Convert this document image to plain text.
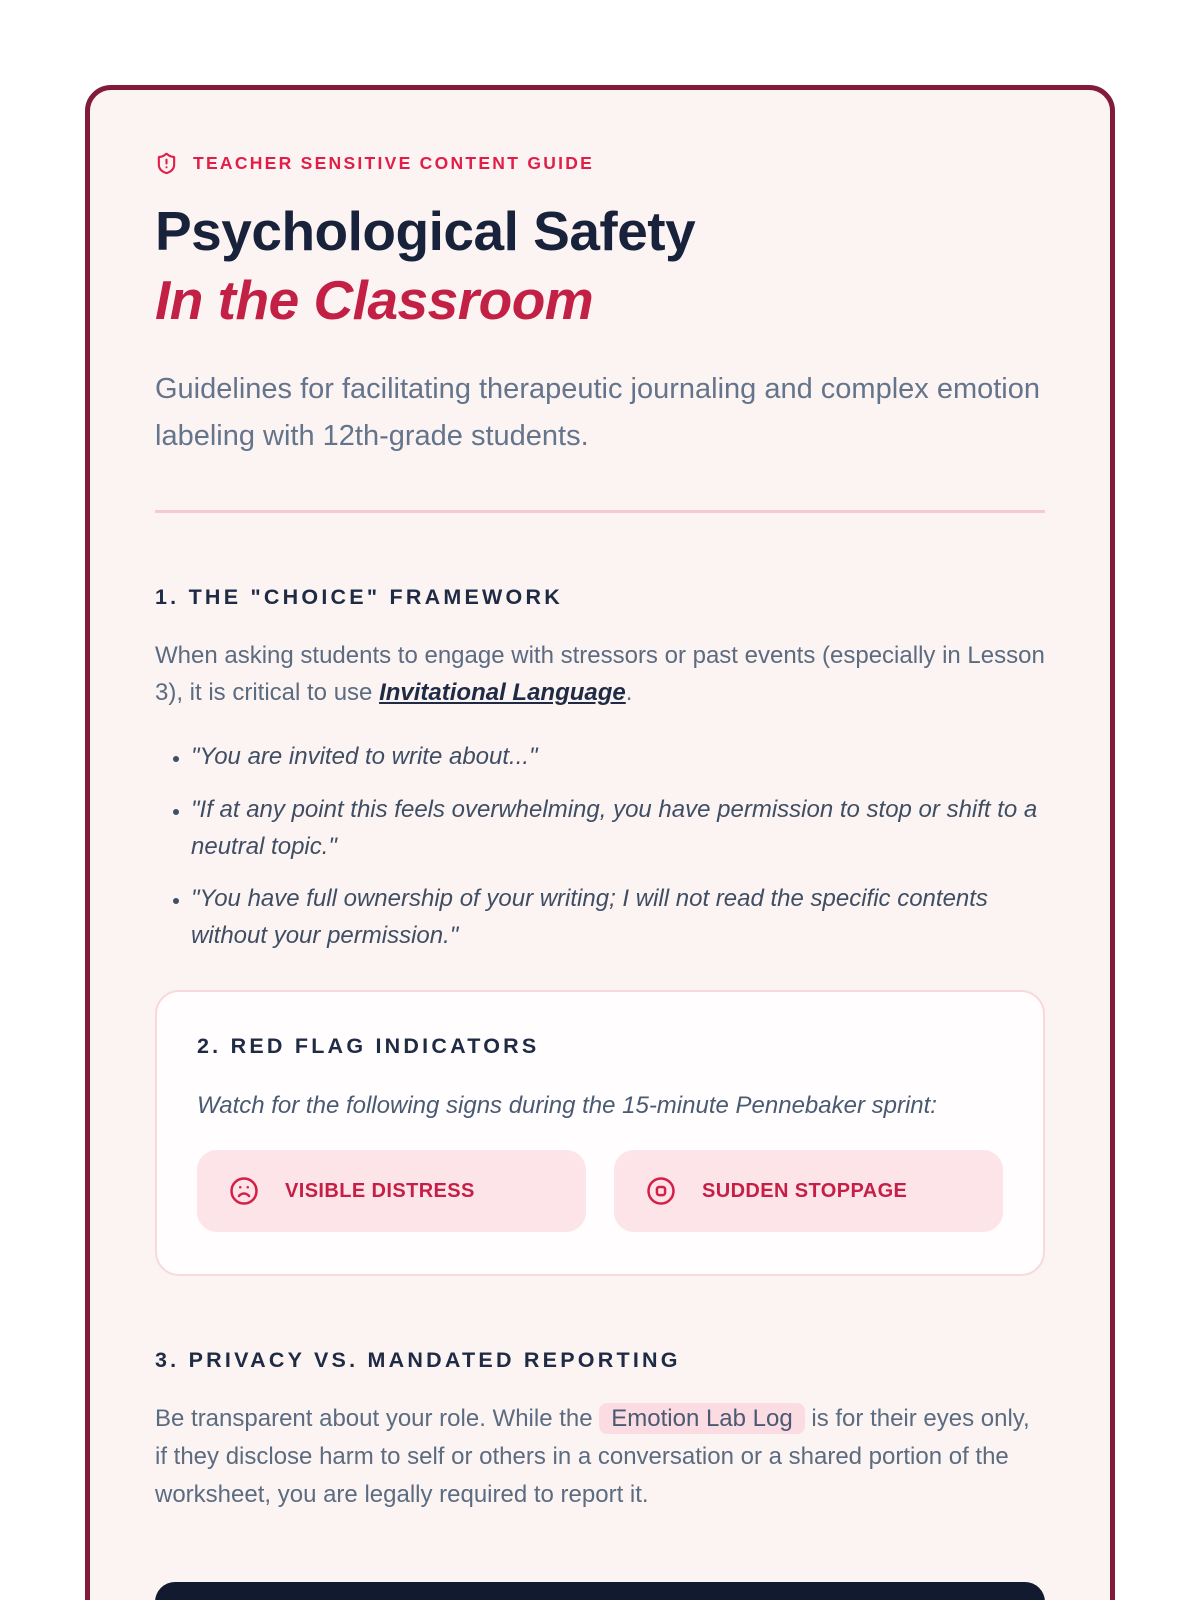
TEACHER SENSITIVE CONTENT GUIDE
Psychological Safety
In the Classroom

Guidelines for facilitating therapeutic journaling and complex emotion labeling with 12th-grade students.

1. THE "CHOICE" FRAMEWORK

When asking students to engage with stressors or past events (especially in Lesson 3), it is critical to use Invitational Language.

• "You are invited to write about..."
• "If at any point this feels overwhelming, you have permission to stop or shift to a neutral topic."
• "You have full ownership of your writing; I will not read the specific contents without your permission."
2. RED FLAG INDICATORS

Watch for the following signs during the 15-minute Pennebaker sprint:

VISIBLE DISTRESS	SUDDEN STOPPAGE
3. PRIVACY VS. MANDATED REPORTING

Be transparent about your role. While the Emotion Lab Log is for their eyes only, if they disclose harm to self or others in a conversation or a shared portion of the worksheet, you are legally required to report it.
